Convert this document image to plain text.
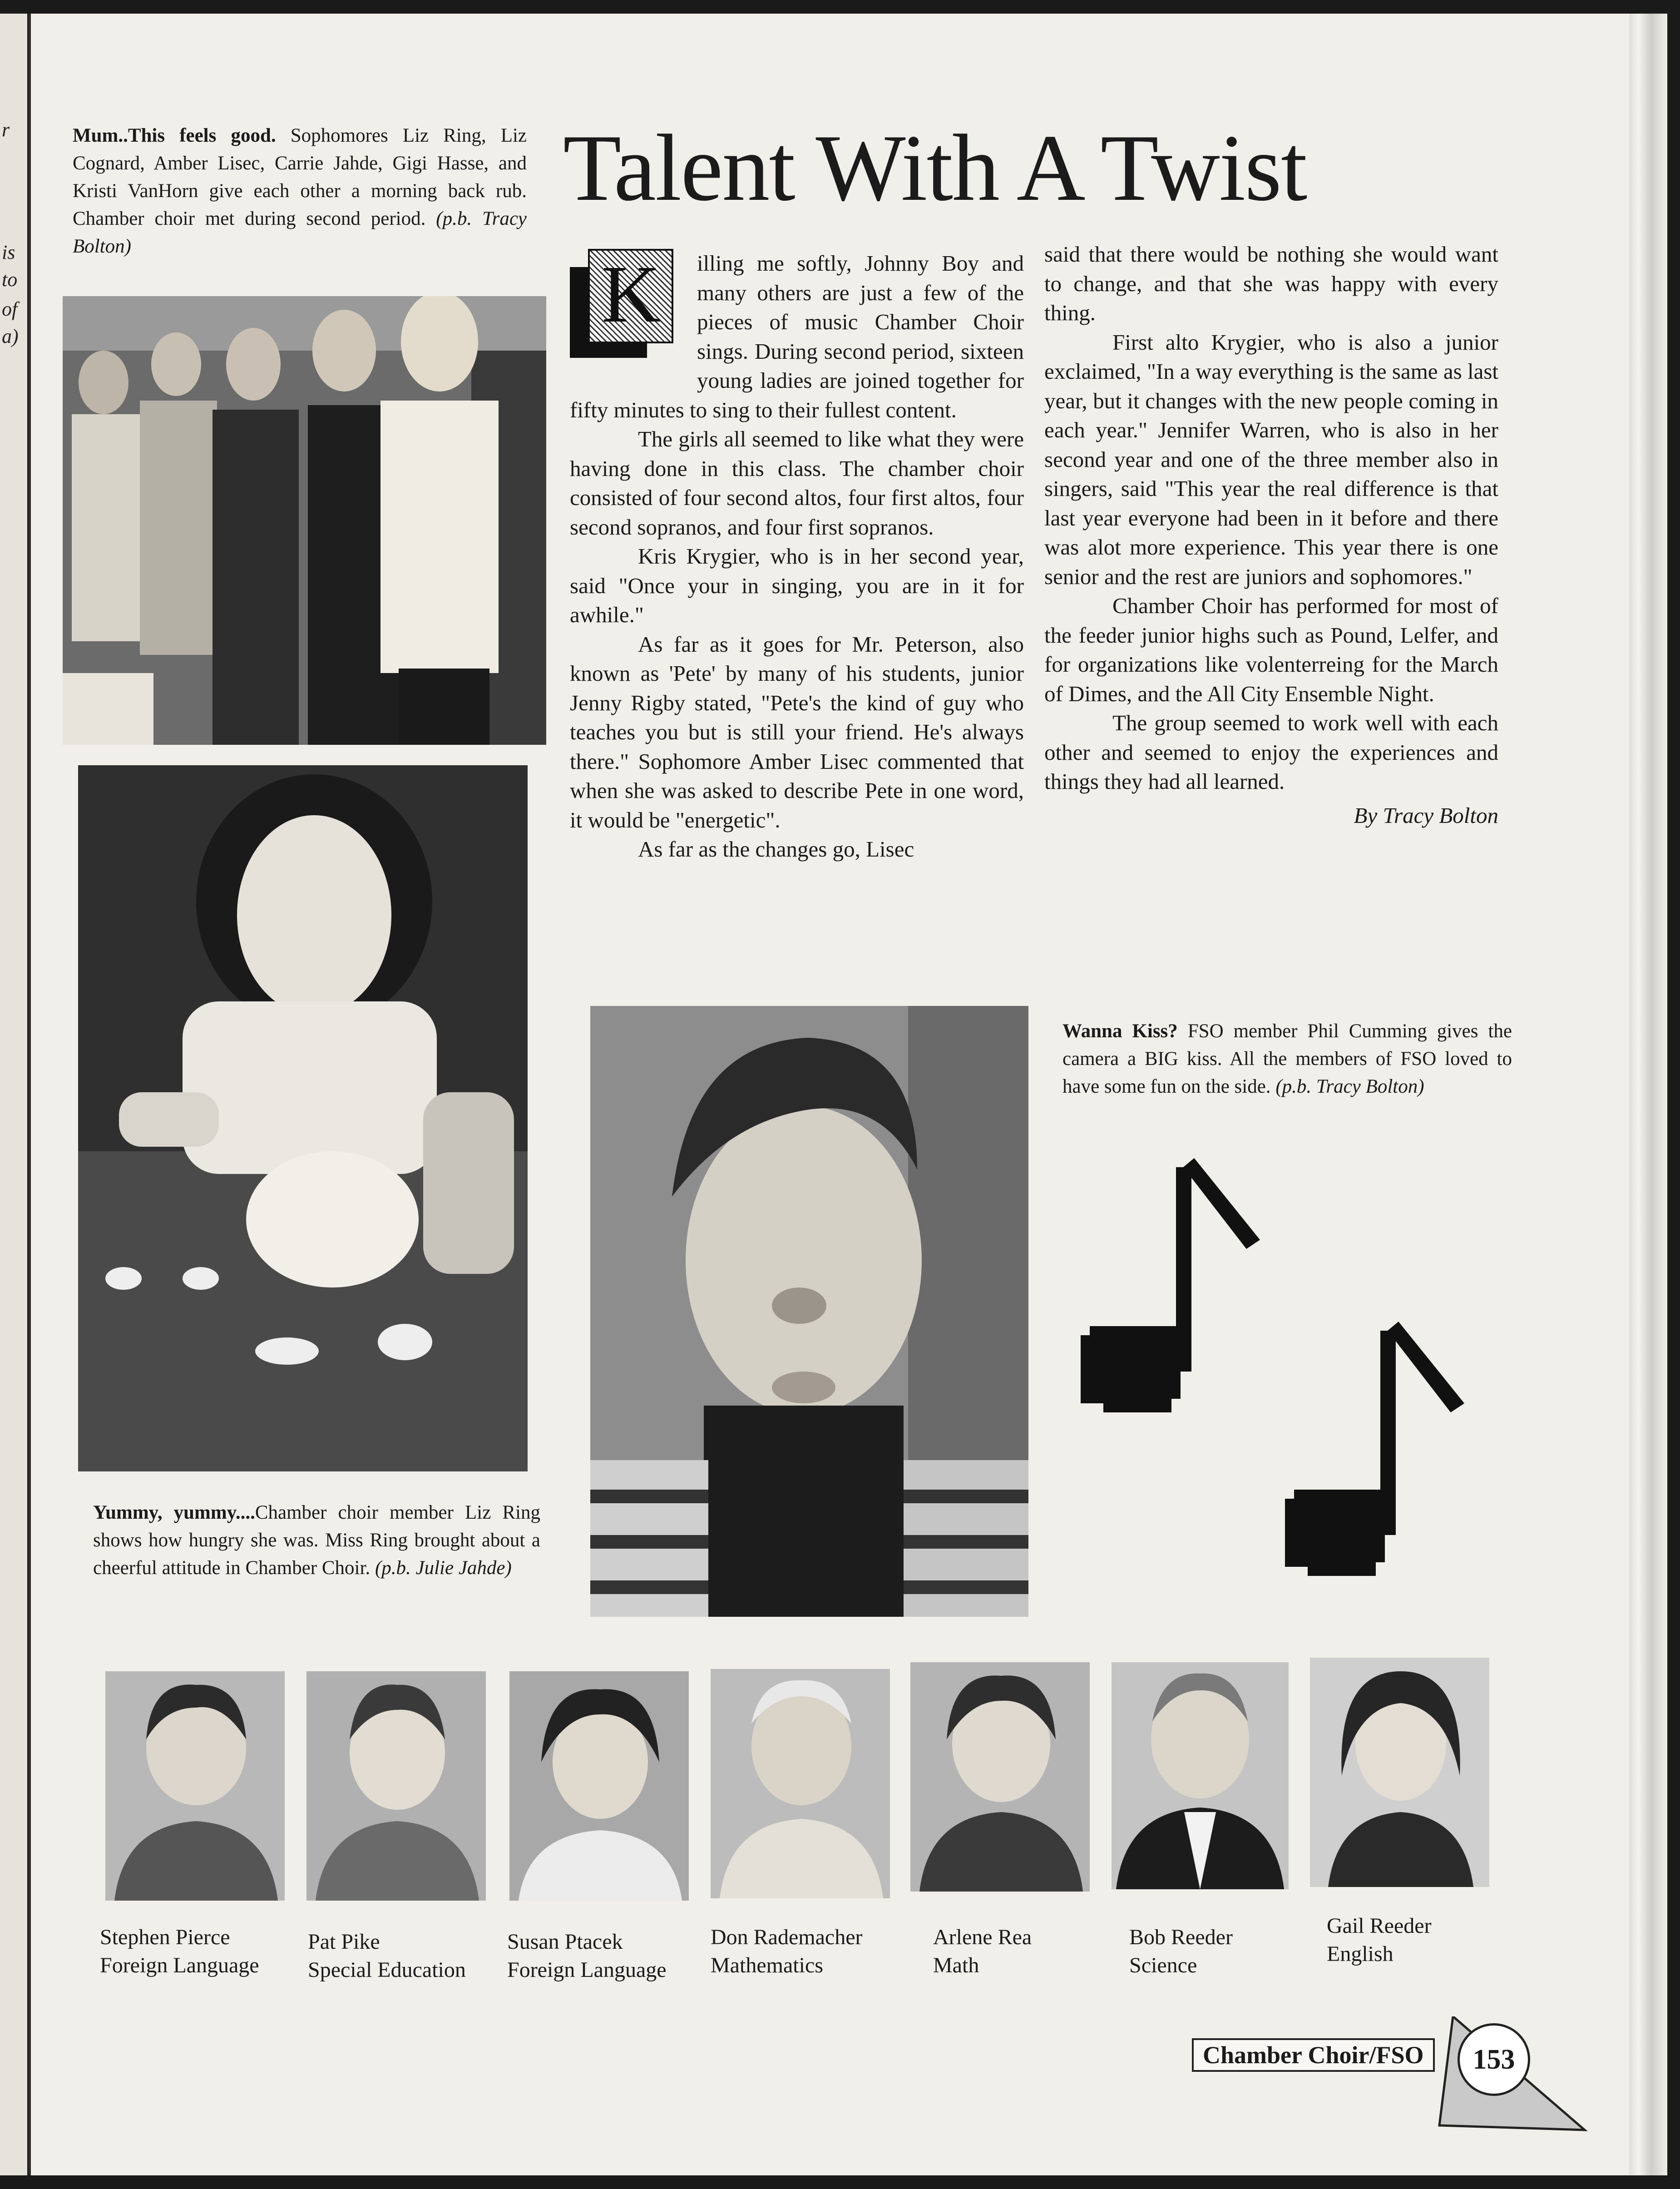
r
is
to
of
a)
Mum..This feels good. Sophomores Liz Ring, Liz Cognard, Amber Lisec, Carrie Jahde, Gigi Hasse, and Kristi VanHorn give each other a morning back rub. Chamber choir met during second period. (p.b. Tracy Bolton)
Talent With A Twist
Yummy, yummy....Chamber choir member Liz Ring shows how hungry she was. Miss Ring brought about a cheerful attitude in Chamber Choir. (p.b. Julie Jahde)
K	illing me softly, Johnny Boy and many others are just a few of the pieces of music Chamber Choir sings. During second period, sixteen young ladies are joined together for fifty minutes to sing to their fullest content.

The girls all seemed to like what they were having done in this class. The chamber choir consisted of four second altos, four first altos, four second sopranos, and four first sopranos.

Kris Krygier, who is in her second year, said "Once your in singing, you are in it for awhile."

As far as it goes for Mr. Peterson, also known as 'Pete' by many of his students, junior Jenny Rigby stated, "Pete's the kind of guy who teaches you but is still your friend. He's always there." Sophomore Amber Lisec commented that when she was asked to describe Pete in one word, it would be "energetic".

As far as the changes go, Lisec

said that there would be nothing she would want to change, and that she was happy with every thing.

First alto Krygier, who is also a junior exclaimed, "In a way everything is the same as last year, but it changes with the new people coming in each year." Jennifer Warren, who is also in her second year and one of the three member also in singers, said "This year the real difference is that last year everyone had been in it before and there was alot more experience. This year there is one senior and the rest are juniors and sophomores."

Chamber Choir has performed for most of the feeder junior highs such as Pound, Lelfer, and for organizations like volenterreing for the March of Dimes, and the All City Ensemble Night.

The group seemed to work well with each other and seemed to enjoy the experiences and things they had all learned.

By Tracy Bolton
Wanna Kiss? FSO member Phil Cumming gives the camera a BIG kiss. All the members of FSO loved to have some fun on the side. (p.b. Tracy Bolton)
Stephen Pierce
Foreign Language
Pat Pike
Special Education
Susan Ptacek
Foreign Language
Don Rademacher
Mathematics
Arlene Rea
Math
Bob Reeder
Science
Gail Reeder
English
Chamber Choir/FSO	153
